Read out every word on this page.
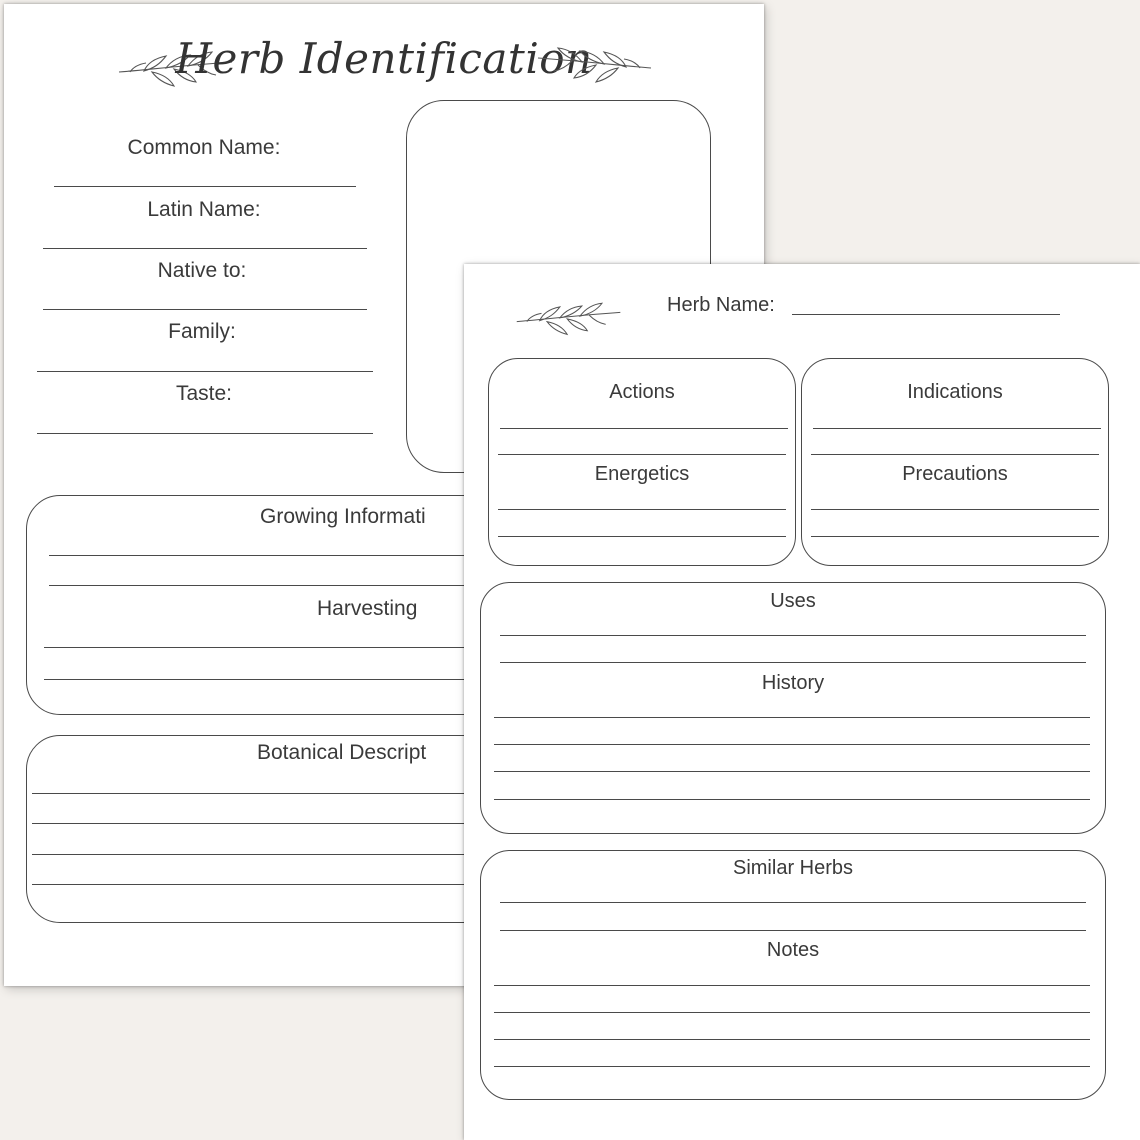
Herb Identification
Common Name:
Latin Name:
Native to:
Family:
Taste:
Growing Informati
Harvesting
Botanical Descript
Herb Name:
Actions
Energetics
Indications
Precautions
Uses
History
Similar Herbs
Notes
